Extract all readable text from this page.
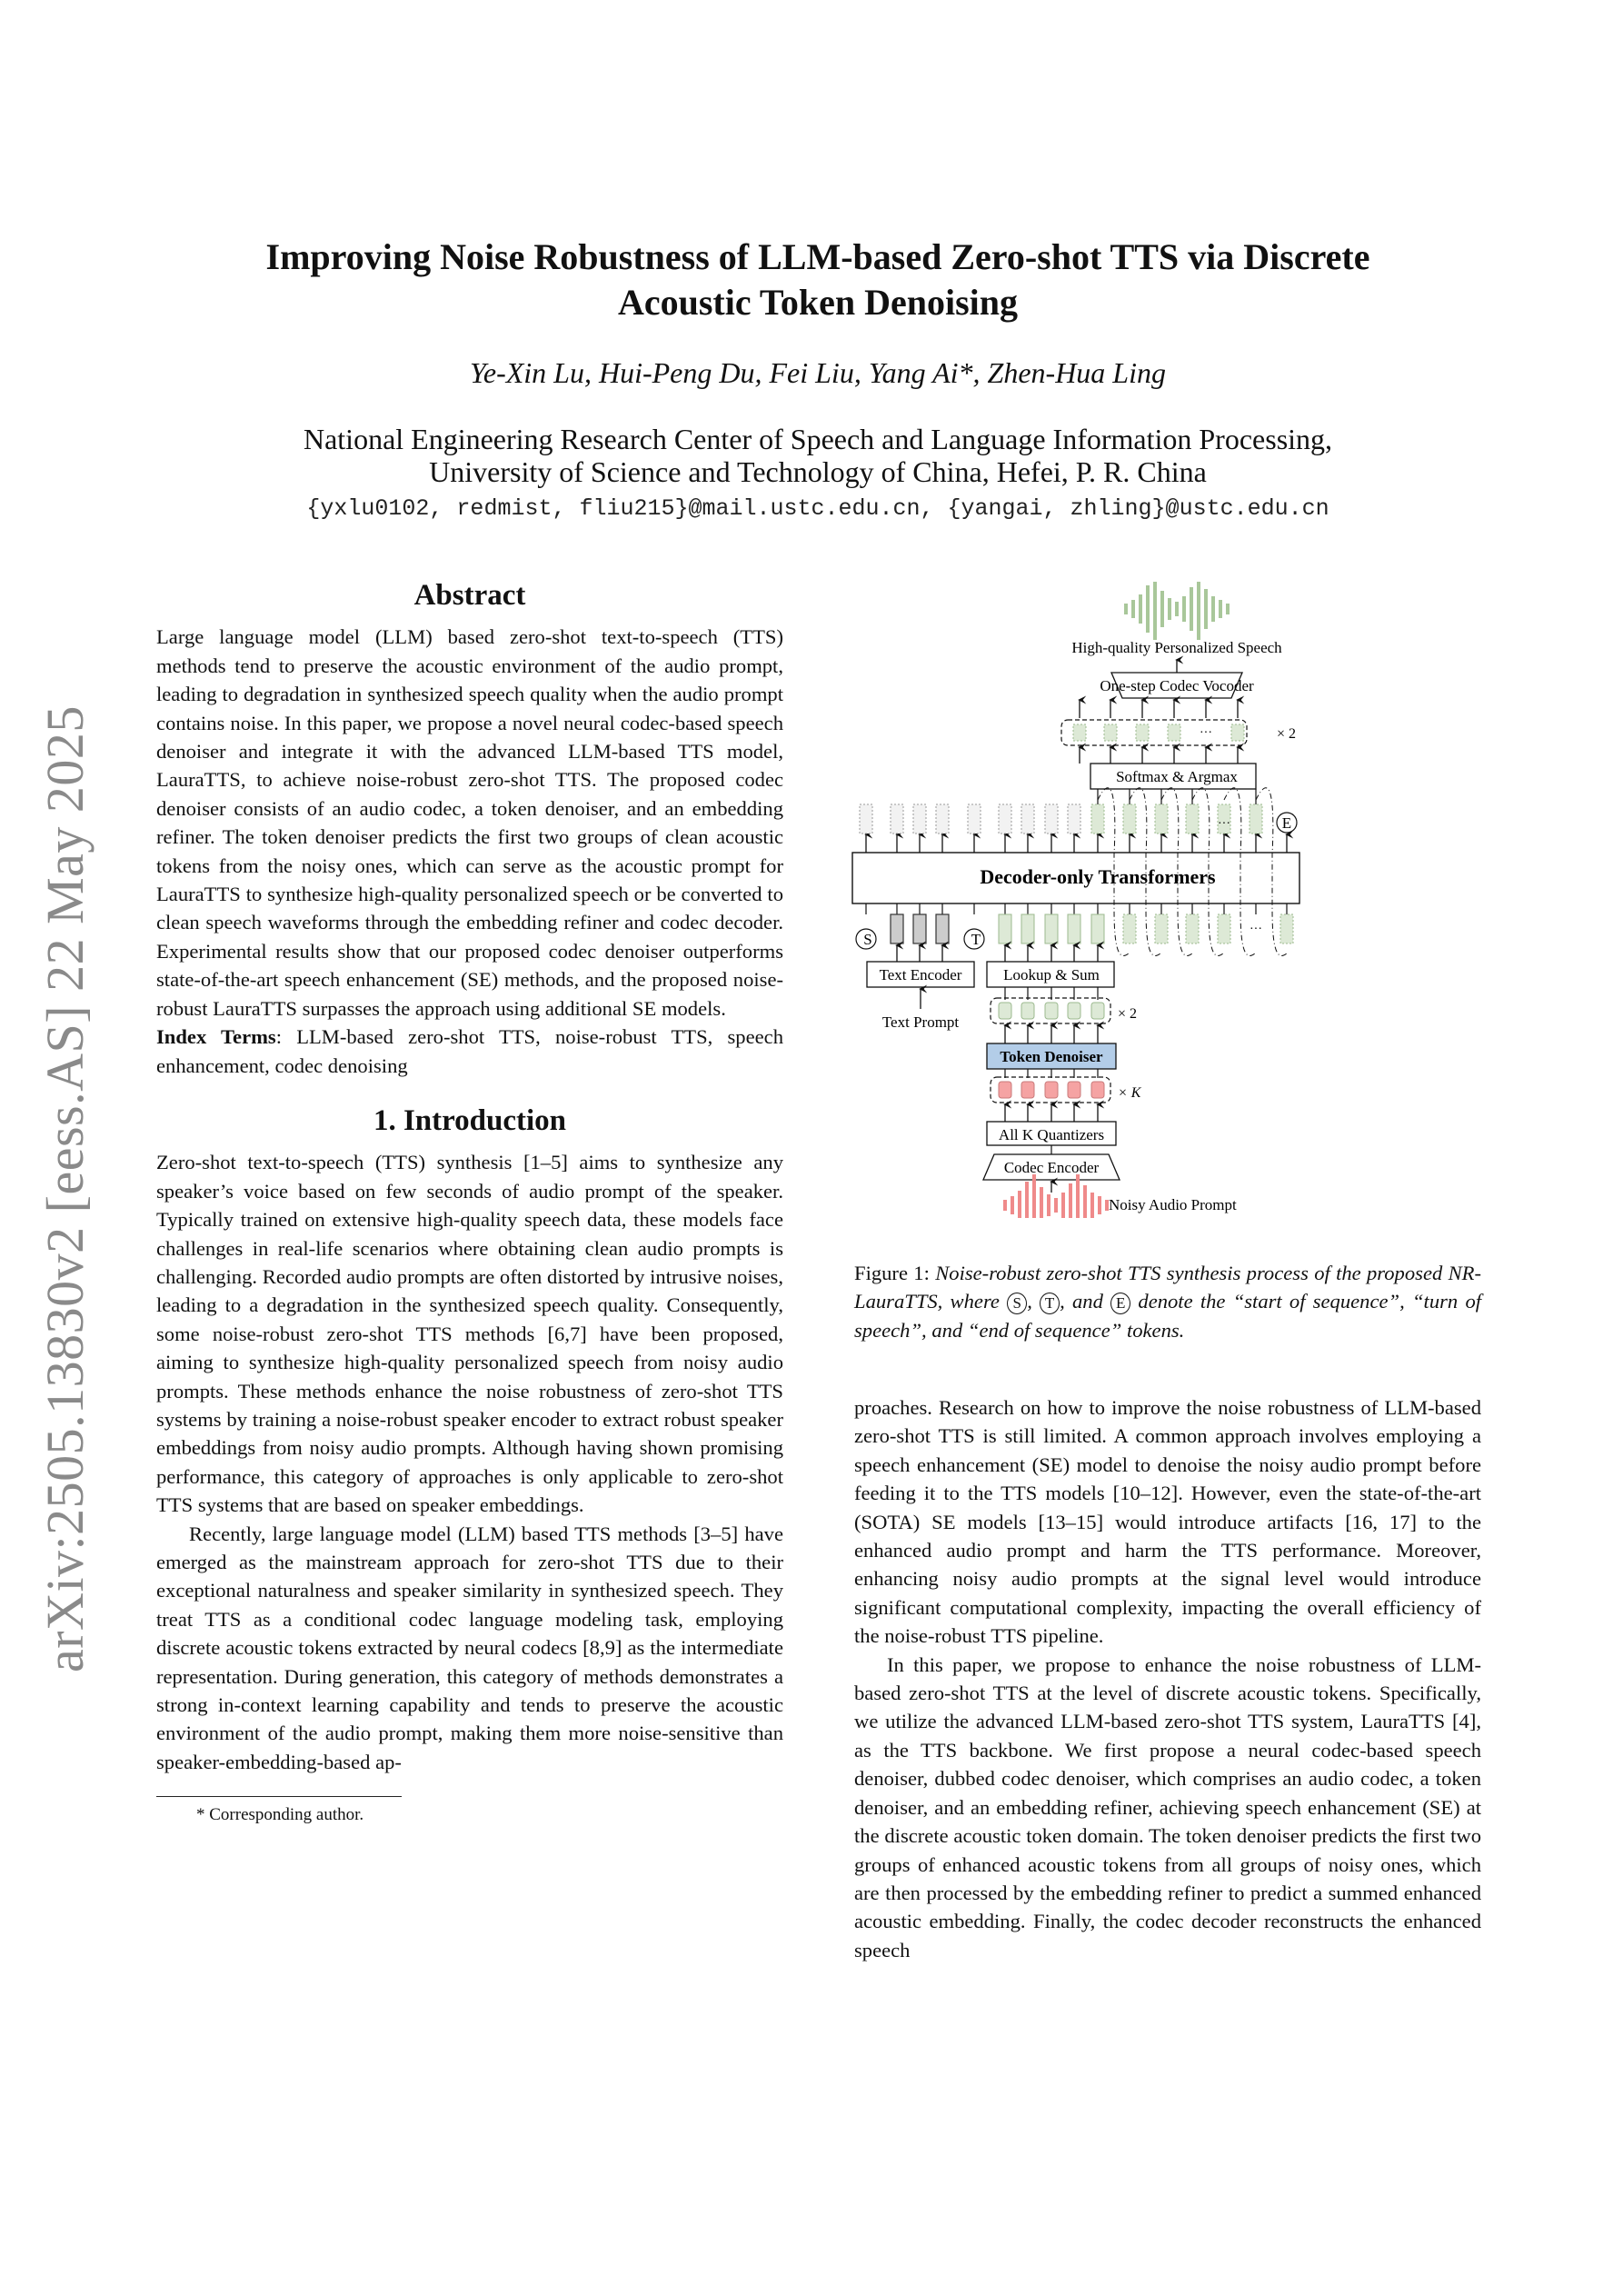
arXiv:2505.13830v2 [eess.AS] 22 May 2025
Improving Noise Robustness of LLM-based Zero-shot TTS via Discrete
Acoustic Token Denoising
Ye-Xin Lu, Hui-Peng Du, Fei Liu, Yang Ai*, Zhen-Hua Ling
National Engineering Research Center of Speech and Language Information Processing,
University of Science and Technology of China, Hefei, P. R. China
{yxlu0102, redmist, fliu215}@mail.ustc.edu.cn, {yangai, zhling}@ustc.edu.cn
Abstract

Large language model (LLM) based zero-shot text-to-speech (TTS) methods tend to preserve the acoustic environment of the audio prompt, leading to degradation in synthesized speech quality when the audio prompt contains noise. In this paper, we propose a novel neural codec-based speech denoiser and integrate it with the advanced LLM-based TTS model, LauraTTS, to achieve noise-robust zero-shot TTS. The proposed codec denoiser consists of an audio codec, a token denoiser, and an embedding refiner. The token denoiser predicts the first two groups of clean acoustic tokens from the noisy ones, which can serve as the acoustic prompt for LauraTTS to synthesize high-quality personalized speech or be converted to clean speech waveforms through the embedding refiner and codec decoder. Experimental results show that our proposed codec denoiser outperforms state-of-the-art speech enhancement (SE) methods, and the proposed noise-robust LauraTTS surpasses the approach using additional SE models.

Index Terms: LLM-based zero-shot TTS, noise-robust TTS, speech enhancement, codec denoising

1. Introduction

Zero-shot text-to-speech (TTS) synthesis [1–5] aims to synthesize any speaker’s voice based on few seconds of audio prompt of the speaker. Typically trained on extensive high-quality speech data, these models face challenges in real-life scenarios where obtaining clean audio prompts is challenging. Recorded audio prompts are often distorted by intrusive noises, leading to a degradation in the synthesized speech quality. Consequently, some noise-robust zero-shot TTS methods [6,7] have been proposed, aiming to synthesize high-quality personalized speech from noisy audio prompts. These methods enhance the noise robustness of zero-shot TTS systems by training a noise-robust speaker encoder to extract robust speaker embeddings from noisy audio prompts. Although having shown promising performance, this category of approaches is only applicable to zero-shot TTS systems that are based on speaker embeddings.

Recently, large language model (LLM) based TTS methods [3–5] have emerged as the mainstream approach for zero-shot TTS due to their exceptional naturalness and speaker similarity in synthesized speech. They treat TTS as a conditional codec language modeling task, employing discrete acoustic tokens extracted by neural codecs [8,9] as the intermediate representation. During generation, this category of methods demonstrates a strong in-context learning capability and tends to preserve the acoustic environment of the audio prompt, making them more noise-sensitive than speaker-embedding-based ap-

* Corresponding author.
···
···
···
High-quality Personalized Speech
One-step Codec Vocoder
× 2
Softmax & Argmax
Decoder-only Transformers
S	T
E
Text Encoder
Text Prompt
Lookup & Sum
× 2
Token Denoiser
× K
All K Quantizers
Codec Encoder
Noisy Audio Prompt
Figure 1: Noise-robust zero-shot TTS synthesis process of the proposed NR-LauraTTS, where S , T , and E denote the “start of sequence”, “turn of speech”, and “end of sequence” tokens.

proaches. Research on how to improve the noise robustness of LLM-based zero-shot TTS is still limited. A common approach involves employing a speech enhancement (SE) model to denoise the noisy audio prompt before feeding it to the TTS models [10–12]. However, even the state-of-the-art (SOTA) SE models [13–15] would introduce artifacts [16, 17] to the enhanced audio prompt and harm the TTS performance. Moreover, enhancing noisy audio prompts at the signal level would introduce significant computational complexity, impacting the overall efficiency of the noise-robust TTS pipeline.

In this paper, we propose to enhance the noise robustness of LLM-based zero-shot TTS at the level of discrete acoustic tokens. Specifically, we utilize the advanced LLM-based zero-shot TTS system, LauraTTS [4], as the TTS backbone. We first propose a neural codec-based speech denoiser, dubbed codec denoiser, which comprises an audio codec, a token denoiser, and an embedding refiner, achieving speech enhancement (SE) at the discrete acoustic token domain. The token denoiser predicts the first two groups of enhanced acoustic tokens from all groups of noisy ones, which are then processed by the embedding refiner to predict a summed enhanced acoustic embedding. Finally, the codec decoder reconstructs the enhanced speech
